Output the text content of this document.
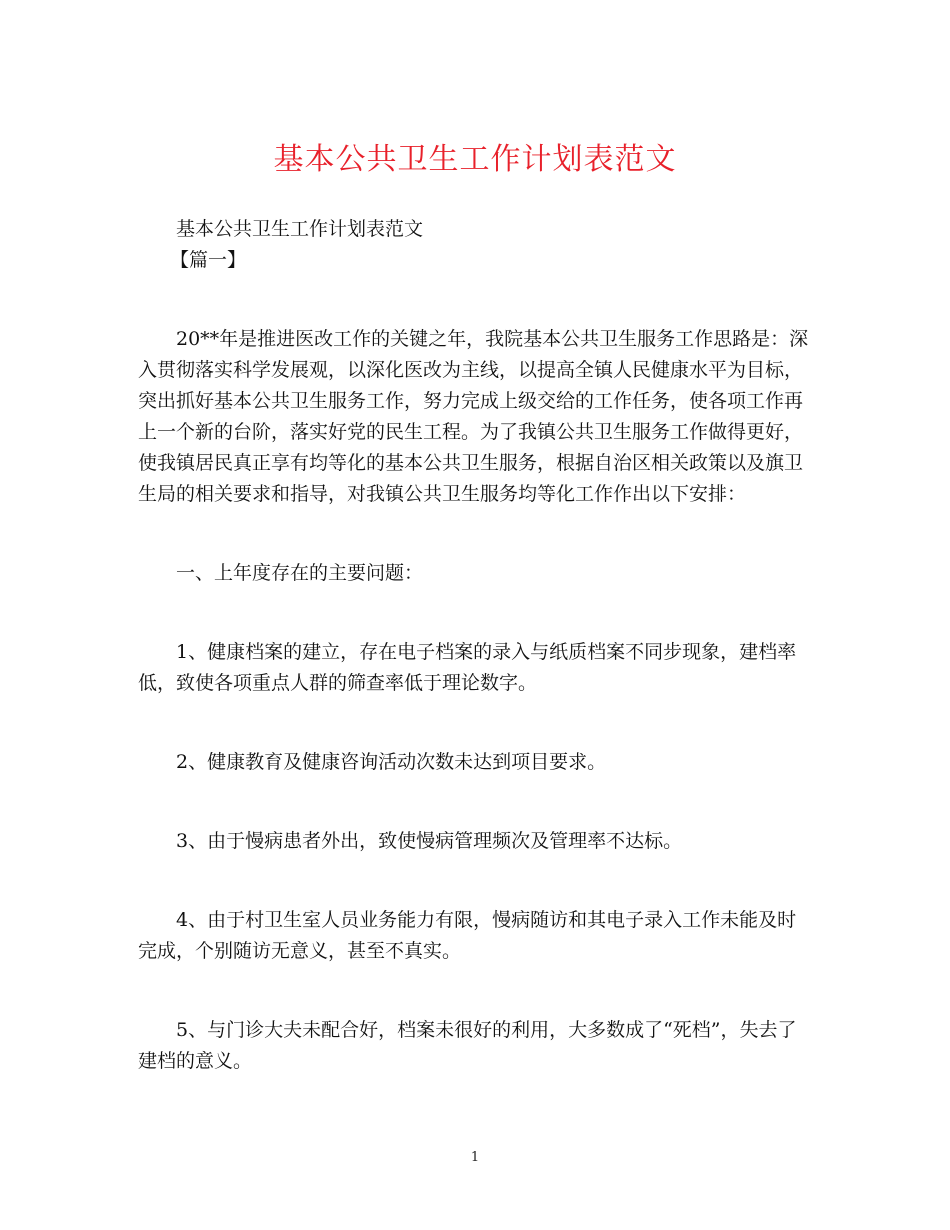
基本公共卫生工作计划表范文

基本公共卫生工作计划表范文

【篇一】

20**年是推进医改工作的关键之年，我院基本公共卫生服务工作思路是：深入贯彻落实科学发展观，以深化医改为主线，以提高全镇人民健康水平为目标，突出抓好基本公共卫生服务工作，努力完成上级交给的工作任务，使各项工作再上一个新的台阶，落实好党的民生工程。为了我镇公共卫生服务工作做得更好，使我镇居民真正享有均等化的基本公共卫生服务，根据自治区相关政策以及旗卫生局的相关要求和指导，对我镇公共卫生服务均等化工作作出以下安排：

一、上年度存在的主要问题：

1、健康档案的建立，存在电子档案的录入与纸质档案不同步现象，建档率低，致使各项重点人群的筛查率低于理论数字。

2、健康教育及健康咨询活动次数未达到项目要求。

3、由于慢病患者外出，致使慢病管理频次及管理率不达标。

4、由于村卫生室人员业务能力有限，慢病随访和其电子录入工作未能及时完成，个别随访无意义，甚至不真实。

5、与门诊大夫未配合好，档案未很好的利用，大多数成了“死档”，失去了建档的意义。

1
